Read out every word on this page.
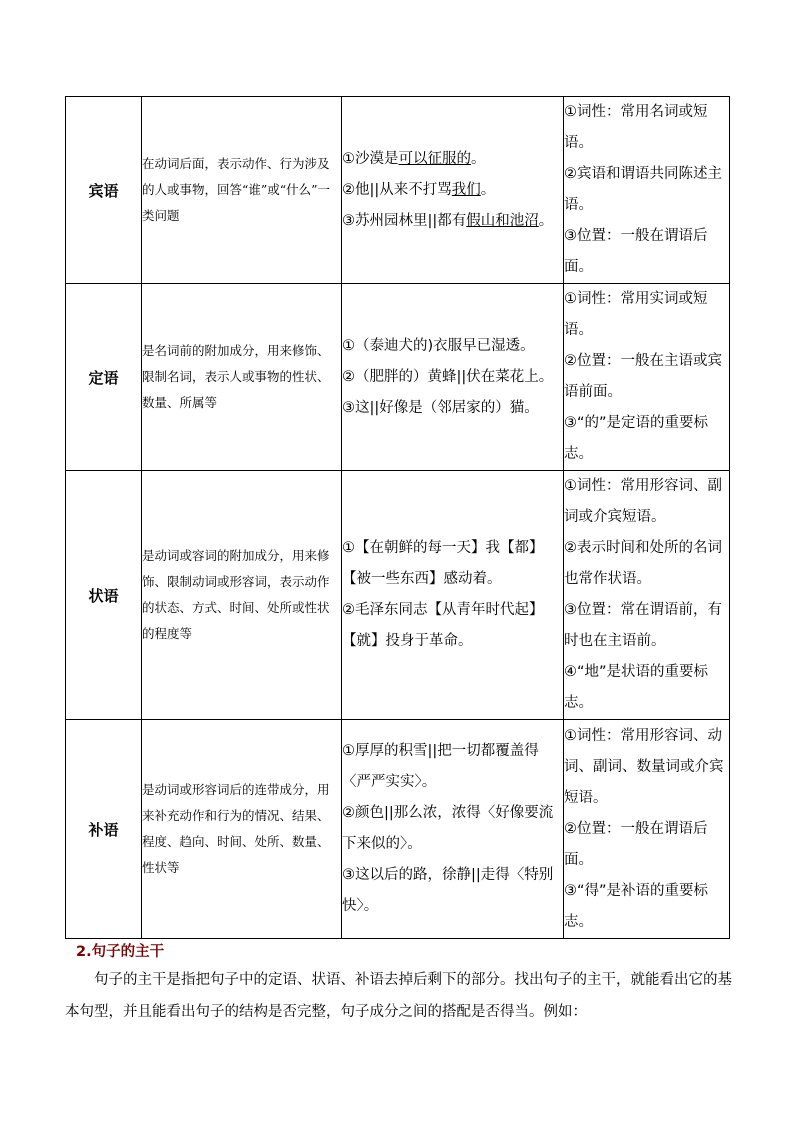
宾语	在动词后面，表示动作、行为涉及的人或事物，回答“谁”或“什么”一类问题	①沙漠是可以征服的。
②他||从来不打骂我们。
③苏州园林里||都有假山和池沼。	①词性：常用名词或短语。
②宾语和谓语共同陈述主语。
③位置：一般在谓语后面。

定语	是名词前的附加成分，用来修饰、限制名词，表示人或事物的性状、数量、所属等	①（泰迪犬的)衣服早已湿透。
②（肥胖的）黄蜂||伏在菜花上。
③这||好像是（邻居家的）猫。	①词性：常用实词或短语。
②位置：一般在主语或宾语前面。
③“的”是定语的重要标志。

状语	是动词或容词的附加成分，用来修饰、限制动词或形容词，表示动作的状态、方式、时间、处所或性状的程度等	①【在朝鲜的每一天】我【都】【被一些东西】感动着。
②毛泽东同志【从青年时代起】【就】投身于革命。	①词性：常用形容词、副词或介宾短语。
②表示时间和处所的名词也常作状语。
③位置：常在谓语前，有时也在主语前。
④“地”是状语的重要标志。

补语	是动词或形容词后的连带成分，用来补充动作和行为的情况、结果、程度、趋向、时间、处所、数量、性状等	①厚厚的积雪||把一切都覆盖得〈严严实实〉。
②颜色||那么浓，浓得〈好像要流下来似的〉。
③这以后的路，徐静||走得〈特别快〉。	①词性：常用形容词、动词、副词、数量词或介宾短语。
②位置：一般在谓语后面。
③“得”是补语的重要标志。
2.句子的主干
句子的主干是指把句子中的定语、状语、补语去掉后剩下的部分。找出句子的主干，就能看出它的基本句型，并且能看出句子的结构是否完整，句子成分之间的搭配是否得当。例如：
